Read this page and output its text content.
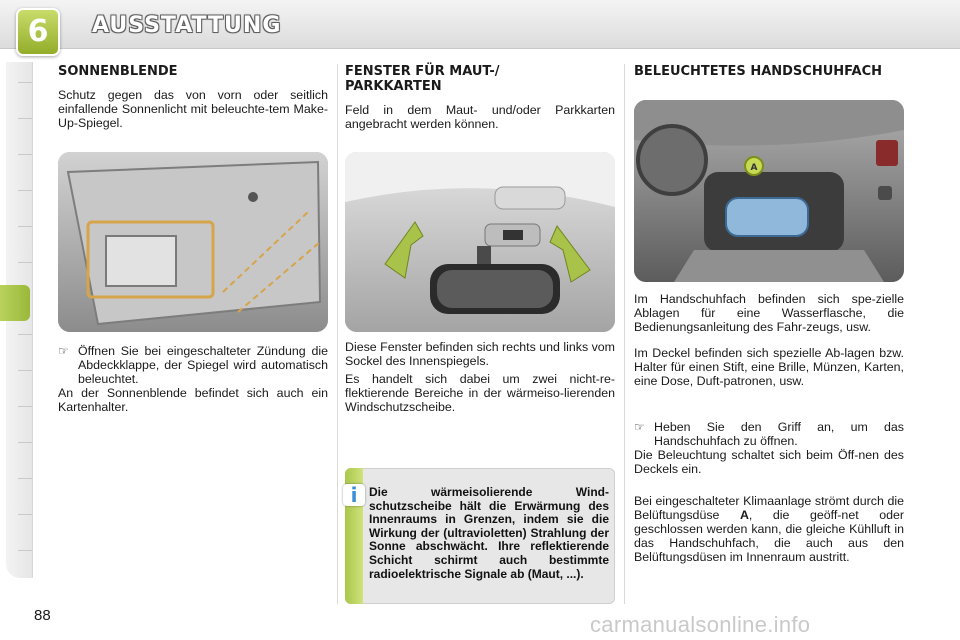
6	AUSSTATTUNG
SONNENBLENDE

Schutz gegen das von vorn oder seitlich einfallende Sonnenlicht mit beleuchte-tem Make-Up-Spiegel.

☞ Öffnen Sie bei eingeschalteter Zündung die Abdeckklappe, der Spiegel wird automatisch beleuchtet.

An der Sonnenblende befindet sich auch ein Kartenhalter.

FENSTER FÜR MAUT-/ PARKKARTEN

Feld in dem Maut- und/oder Parkkarten angebracht werden können.

Diese Fenster befinden sich rechts und links vom Sockel des Innenspiegels.

Es handelt sich dabei um zwei nicht-re-flektierende Bereiche in der wärmeiso-lierenden Windschutzscheibe.

i Die wärmeisolierende Wind-schutzscheibe hält die Erwärmung des Innenraums in Grenzen, indem sie die Wirkung der (ultravioletten) Strahlung der Sonne abschwächt. Ihre reflektierende Schicht schirmt auch bestimmte radioelektrische Signale ab (Maut, ...).

BELEUCHTETES HANDSCHUHFACH
A

Im Handschuhfach befinden sich spe-zielle Ablagen für eine Wasserflasche, die Bedienungsanleitung des Fahr-zeugs, usw.

Im Deckel befinden sich spezielle Ab-lagen bzw. Halter für einen Stift, eine Brille, Münzen, Karten, eine Dose, Duft-patronen, usw.

☞ Heben Sie den Griff an, um das Handschuhfach zu öffnen.

Die Beleuchtung schaltet sich beim Öff-nen des Deckels ein.

Bei eingeschalteter Klimaanlage strömt durch die Belüftungsdüse A, die geöff-net oder geschlossen werden kann, die gleiche Kühlluft in das Handschuhfach, die auch aus den Belüftungsdüsen im Innenraum austritt.

88	carmanualsonline.info
